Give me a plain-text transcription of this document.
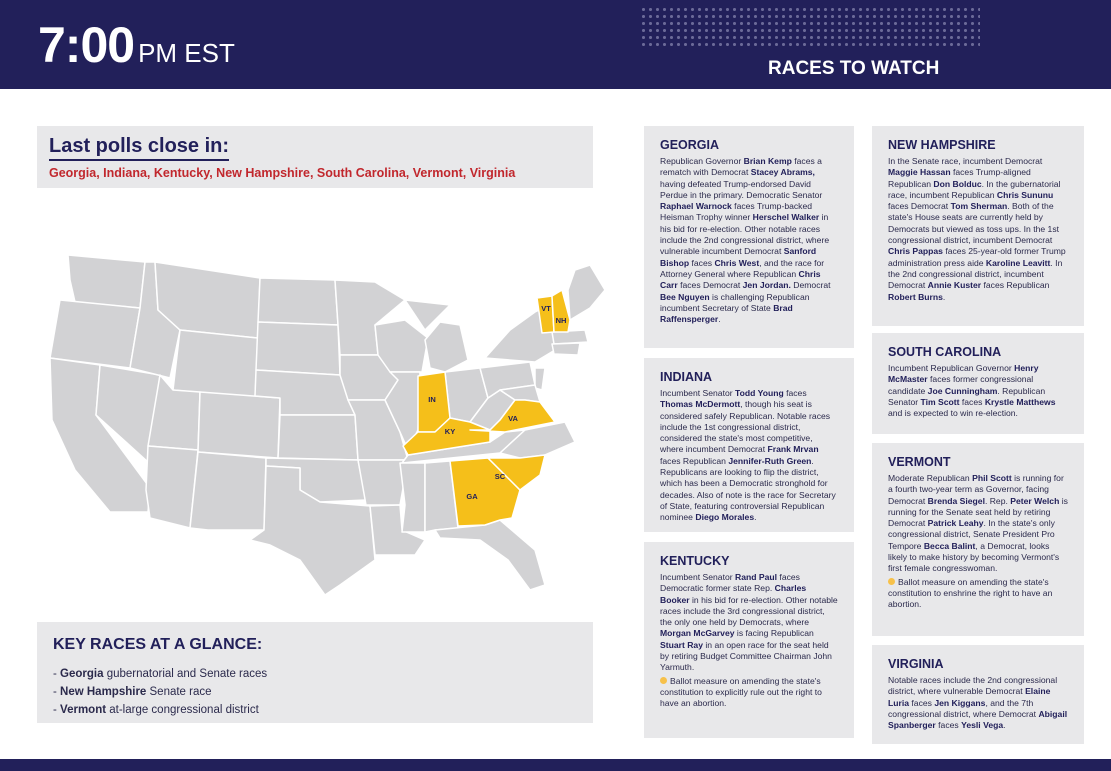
7:00 PM EST
RACES TO WATCH
Last polls close in:
Georgia, Indiana, Kentucky, New Hampshire, South Carolina, Vermont, Virginia
VT
NH
IN
KY
VA
SC
GA
KEY RACES AT A GLANCE:
- Georgia gubernatorial and Senate races
- New Hampshire Senate race
- Vermont at-large congressional district
GEORGIA

Republican Governor Brian Kemp faces a rematch with Democrat Stacey Abrams, having defeated Trump-endorsed David Perdue in the primary. Democratic Senator Raphael Warnock faces Trump-backed Heisman Trophy winner Herschel Walker in his bid for re-election. Other notable races include the 2nd congressional district, where vulnerable incumbent Democrat Sanford Bishop faces Chris West, and the race for Attorney General where Republican Chris Carr faces Democrat Jen Jordan. Democrat Bee Nguyen is challenging Republican incumbent Secretary of State Brad Raffensperger.

INDIANA

Incumbent Senator Todd Young faces Thomas McDermott, though his seat is considered safely Republican. Notable races include the 1st congressional district, considered the state's most competitive, where incumbent Democrat Frank Mrvan faces Republican Jennifer-Ruth Green. Republicans are looking to flip the district, which has been a Democratic stronghold for decades. Also of note is the race for Secretary of State, featuring controversial Republican nominee Diego Morales.

KENTUCKY

Incumbent Senator Rand Paul faces Democratic former state Rep. Charles Booker in his bid for re-election. Other notable races include the 3rd congressional district, the only one held by Democrats, where Morgan McGarvey is facing Republican Stuart Ray in an open race for the seat held by retiring Budget Committee Chairman John Yarmuth.

Ballot measure on amending the state's constitution to explicitly rule out the right to have an abortion.

NEW HAMPSHIRE

In the Senate race, incumbent Democrat Maggie Hassan faces Trump-aligned Republican Don Bolduc. In the gubernatorial race, incumbent Republican Chris Sununu faces Democrat Tom Sherman. Both of the state's House seats are currently held by Democrats but viewed as toss ups. In the 1st congressional district, incumbent Democrat Chris Pappas faces 25-year-old former Trump administration press aide Karoline Leavitt. In the 2nd congressional district, incumbent Democrat Annie Kuster faces Republican Robert Burns.

SOUTH CAROLINA

Incumbent Republican Governor Henry McMaster faces former congressional candidate Joe Cunningham. Republican Senator Tim Scott faces Krystle Matthews and is expected to win re-election.

VERMONT

Moderate Republican Phil Scott is running for a fourth two-year term as Governor, facing Democrat Brenda Siegel. Rep. Peter Welch is running for the Senate seat held by retiring Democrat Patrick Leahy. In the state's only congressional district, Senate President Pro Tempore Becca Balint, a Democrat, looks likely to make history by becoming Vermont's first female congresswoman.

Ballot measure on amending the state's constitution to enshrine the right to have an abortion.

VIRGINIA

Notable races include the 2nd congressional district, where vulnerable Democrat Elaine Luria faces Jen Kiggans, and the 7th congressional district, where Democrat Abigail Spanberger faces Yesli Vega.
